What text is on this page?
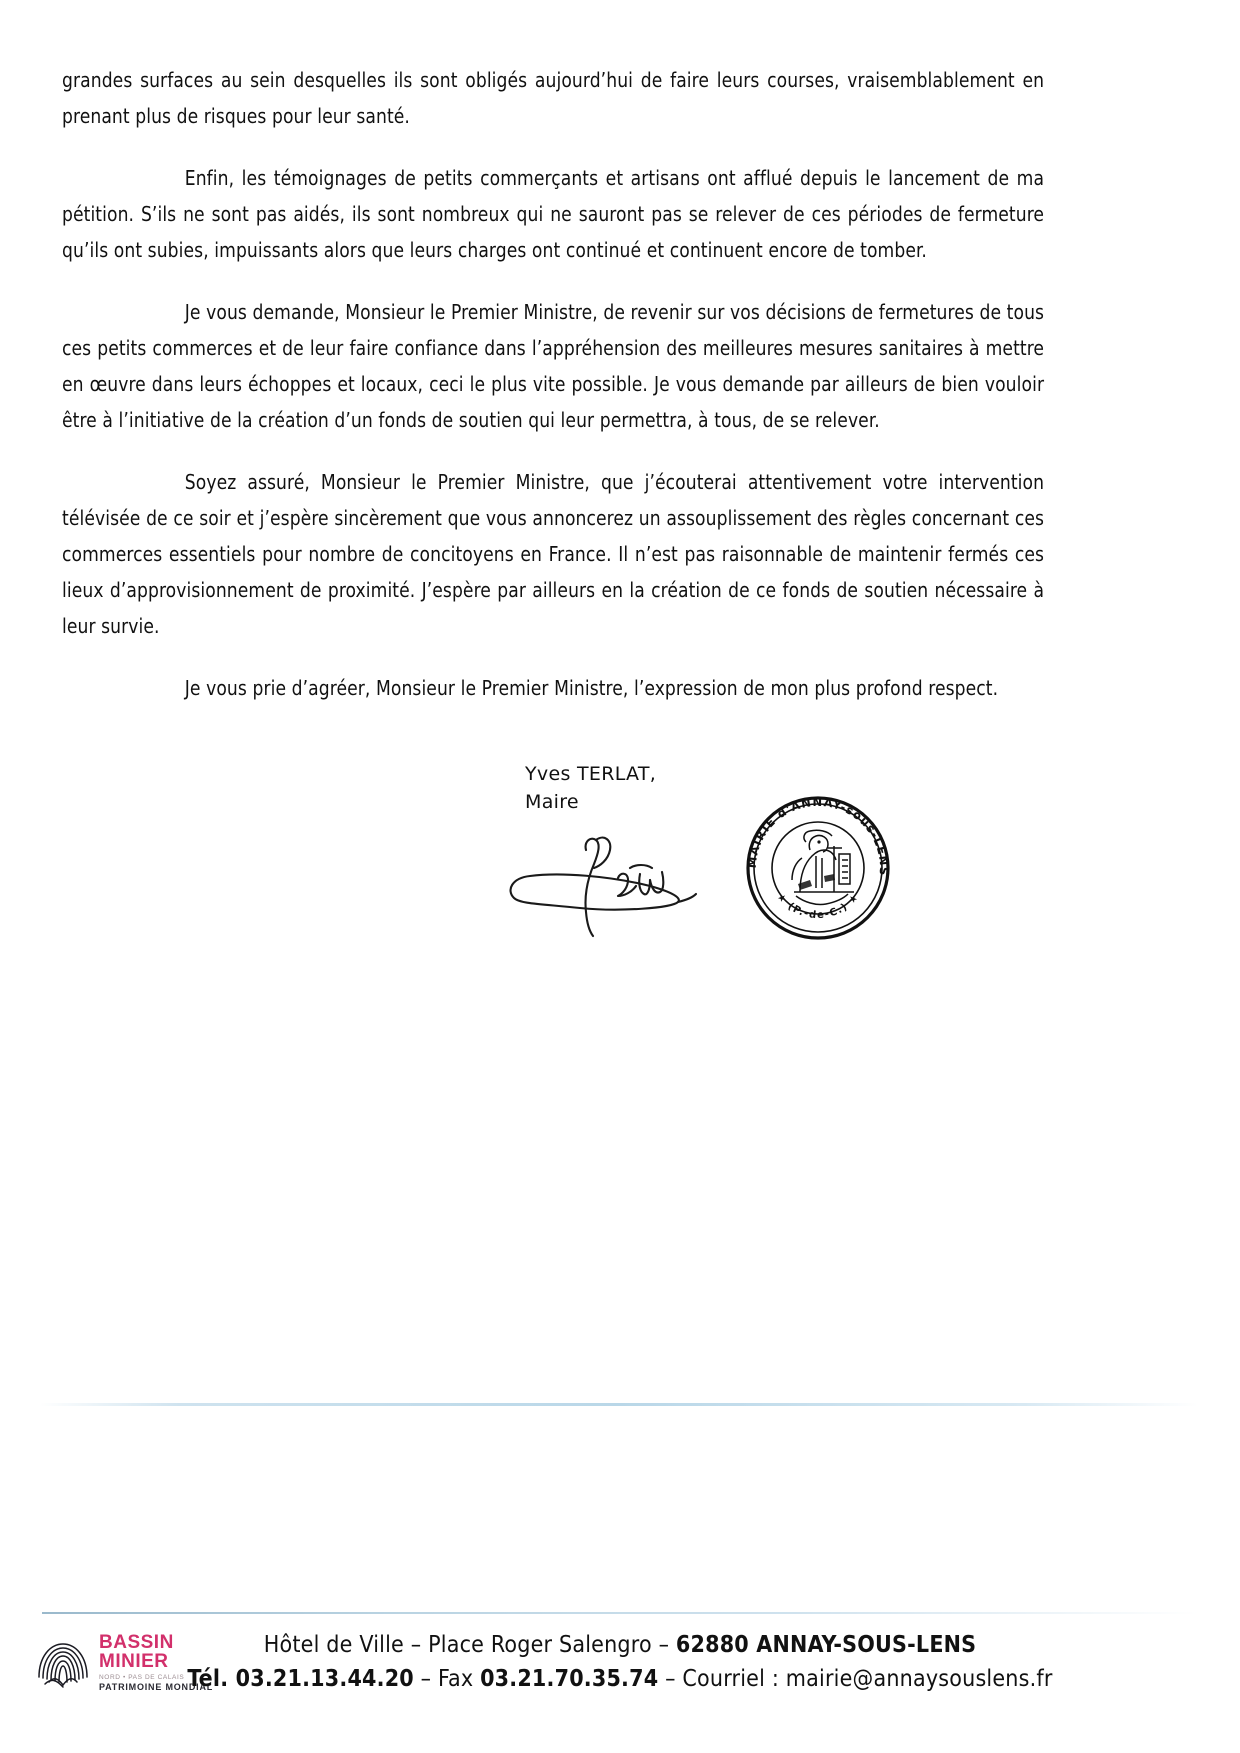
grandes surfaces au sein desquelles ils sont obligés aujourd’hui de faire leurs courses, vraisemblablement en prenant plus de risques pour leur santé.

Enfin, les témoignages de petits commerçants et artisans ont afflué depuis le lancement de ma pétition. S’ils ne sont pas aidés, ils sont nombreux qui ne sauront pas se relever de ces périodes de fermeture qu’ils ont subies, impuissants alors que leurs charges ont continué et continuent encore de tomber.

Je vous demande, Monsieur le Premier Ministre, de revenir sur vos décisions de fermetures de tous ces petits commerces et de leur faire confiance dans l’appréhension des meilleures mesures sanitaires à mettre en œuvre dans leurs échoppes et locaux, ceci le plus vite possible. Je vous demande par ailleurs de bien vouloir être à l’initiative de la création d’un fonds de soutien qui leur permettra, à tous, de se relever.

Soyez assuré, Monsieur le Premier Ministre, que j’écouterai attentivement votre intervention télévisée de ce soir et j’espère sincèrement que vous annoncerez un assouplissement des règles concernant ces commerces essentiels pour nombre de concitoyens en France. Il n’est pas raisonnable de maintenir fermés ces lieux d’approvisionnement de proximité. J’espère par ailleurs en la création de ce fonds de soutien nécessaire à leur survie.

Je vous prie d’agréer, Monsieur le Premier Ministre, l’expression de mon plus profond respect.

Yves TERLAT,
Maire
MAIRIE d'ANNAY-sous-LENS
★ (P.-de-C.) ★
BASSIN
MINIER
NORD • PAS DE CALAIS
PATRIMOINE MONDIAL
Hôtel de Ville – Place Roger Salengro – 62880 ANNAY-SOUS-LENS
Tél. 03.21.13.44.20 – Fax 03.21.70.35.74 – Courriel : mairie@annaysouslens.fr
